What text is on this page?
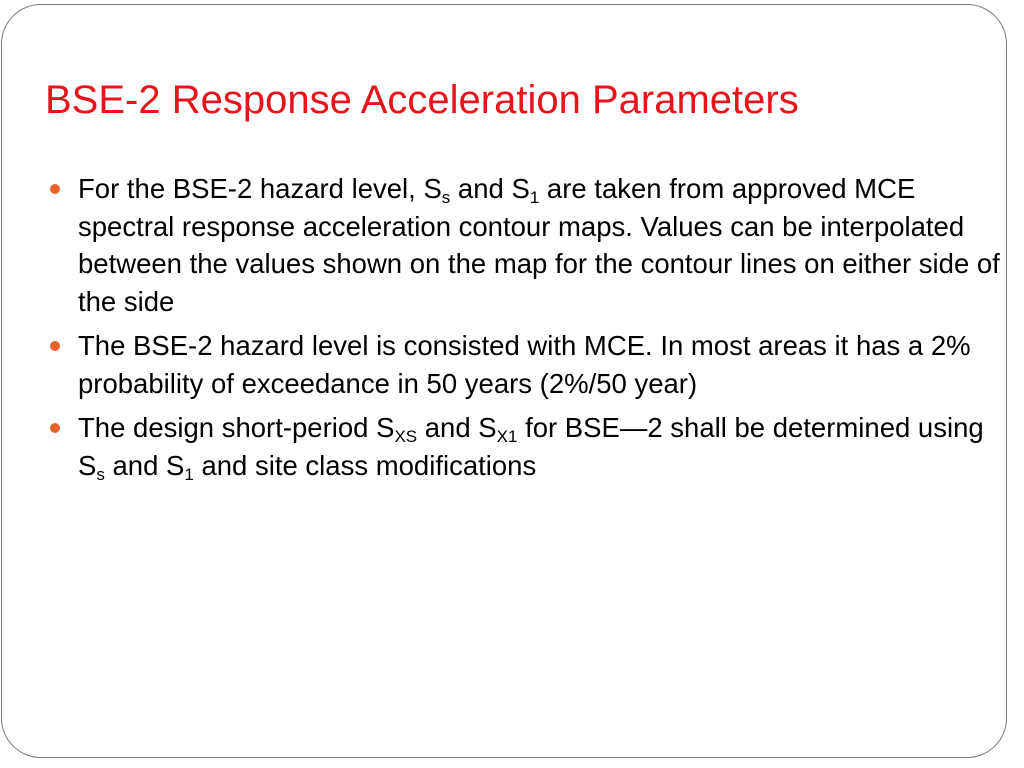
BSE-2 Response Acceleration Parameters
For the BSE-2 hazard level, $S_s$ and $S_1$ are taken from approved MCE spectral response acceleration contour maps. Values can be interpolated between the values shown on the map for the contour lines on either side of the side
The BSE-2 hazard level is consisted with MCE. In most areas it has a 2% probability of exceedance in 50 years (2%/50 year)
The design short-period $S_{XS}$ and $S_{X1}$ for BSE—2 shall be determined using $S_s$ and $S_1$ and site class modifications
